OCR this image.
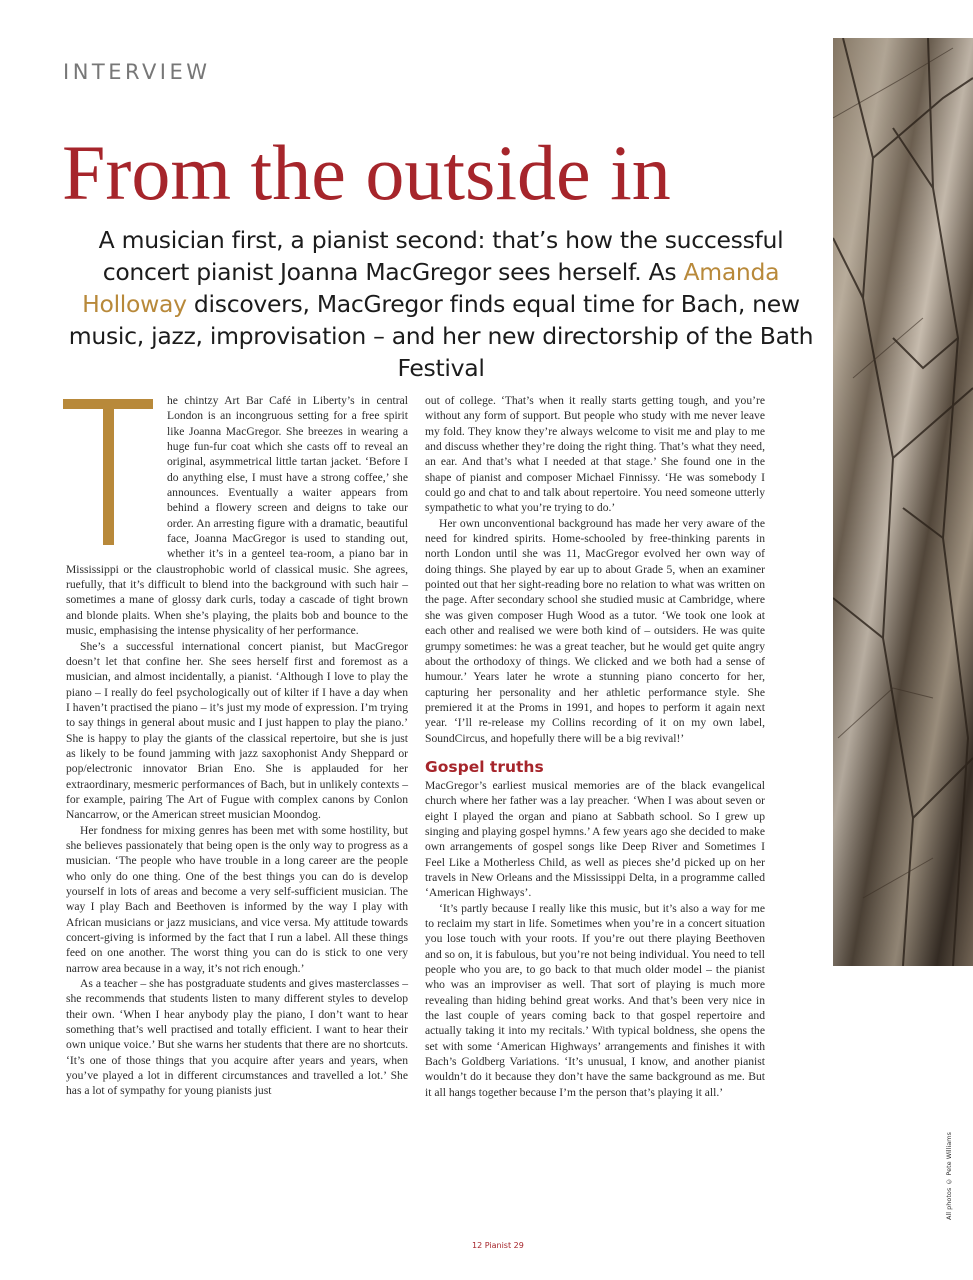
All photos © Pete Williams
INTERVIEW
From the outside in

A musician first, a pianist second: that’s how the successful concert pianist Joanna MacGregor sees herself. As Amanda Holloway discovers, MacGregor finds equal time for Bach, new music, jazz, improvisation – and her new directorship of the Bath Festival

he chintzy Art Bar Café in Liberty’s in central London is an incongruous setting for a free spirit like Joanna MacGregor. She breezes in wearing a huge fun-fur coat which she casts off to reveal an original, asymmetrical little tartan jacket. ‘Before I do anything else, I must have a strong coffee,’ she announces. Eventually a waiter appears from behind a flowery screen and deigns to take our order. An arresting figure with a dramatic, beautiful face, Joanna MacGregor is used to standing out, whether it’s in a genteel tea-room, a piano bar in Mississippi or the claustrophobic world of classical music. She agrees, ruefully, that it’s difficult to blend into the background with such hair – sometimes a mane of glossy dark curls, today a cascade of tight brown and blonde plaits. When she’s playing, the plaits bob and bounce to the music, emphasising the intense physicality of her performance.

She’s a successful international concert pianist, but MacGregor doesn’t let that confine her. She sees herself first and foremost as a musician, and almost incidentally, a pianist. ‘Although I love to play the piano – I really do feel psychologically out of kilter if I have a day when I haven’t practised the piano – it’s just my mode of expression. I’m trying to say things in general about music and I just happen to play the piano.’ She is happy to play the giants of the classical repertoire, but she is just as likely to be found jamming with jazz saxophonist Andy Sheppard or pop/electronic innovator Brian Eno. She is applauded for her extraordinary, mesmeric performances of Bach, but in unlikely contexts – for example, pairing The Art of Fugue with complex canons by Conlon Nancarrow, or the American street musician Moondog.

Her fondness for mixing genres has been met with some hostility, but she believes passionately that being open is the only way to progress as a musician. ‘The people who have trouble in a long career are the people who only do one thing. One of the best things you can do is develop yourself in lots of areas and become a very self-sufficient musician. The way I play Bach and Beethoven is informed by the way I play with African musicians or jazz musicians, and vice versa. My attitude towards concert-giving is informed by the fact that I run a label. All these things feed on one another. The worst thing you can do is stick to one very narrow area because in a way, it’s not rich enough.’

As a teacher – she has postgraduate students and gives masterclasses – she recommends that students listen to many different styles to develop their own. ‘When I hear anybody play the piano, I don’t want to hear something that’s well practised and totally efficient. I want to hear their own unique voice.’ But she warns her students that there are no shortcuts. ‘It’s one of those things that you acquire after years and years, when you’ve played a lot in different circumstances and travelled a lot.’ She has a lot of sympathy for young pianists just

out of college. ‘That’s when it really starts getting tough, and you’re without any form of support. But people who study with me never leave my fold. They know they’re always welcome to visit me and play to me and discuss whether they’re doing the right thing. That’s what they need, an ear. And that’s what I needed at that stage.’ She found one in the shape of pianist and composer Michael Finnissy. ‘He was somebody I could go and chat to and talk about repertoire. You need someone utterly sympathetic to what you’re trying to do.’

Her own unconventional background has made her very aware of the need for kindred spirits. Home-schooled by free-thinking parents in north London until she was 11, MacGregor evolved her own way of doing things. She played by ear up to about Grade 5, when an examiner pointed out that her sight-reading bore no relation to what was written on the page. After secondary school she studied music at Cambridge, where she was given composer Hugh Wood as a tutor. ‘We took one look at each other and realised we were both kind of – outsiders. He was quite grumpy sometimes: he was a great teacher, but he would get quite angry about the orthodoxy of things. We clicked and we both had a sense of humour.’ Years later he wrote a stunning piano concerto for her, capturing her personality and her athletic performance style. She premiered it at the Proms in 1991, and hopes to perform it again next year. ‘I’ll re-release my Collins recording of it on my own label, SoundCircus, and hopefully there will be a big revival!’

Gospel truths

MacGregor’s earliest musical memories are of the black evangelical church where her father was a lay preacher. ‘When I was about seven or eight I played the organ and piano at Sabbath school. So I grew up singing and playing gospel hymns.’ A few years ago she decided to make own arrangements of gospel songs like Deep River and Sometimes I Feel Like a Motherless Child, as well as pieces she’d picked up on her travels in New Orleans and the Mississippi Delta, in a programme called ‘American Highways’.

‘It’s partly because I really like this music, but it’s also a way for me to reclaim my start in life. Sometimes when you’re in a concert situation you lose touch with your roots. If you’re out there playing Beethoven and so on, it is fabulous, but you’re not being individual. You need to tell people who you are, to go back to that much older model – the pianist who was an improviser as well. That sort of playing is much more revealing than hiding behind great works. And that’s been very nice in the last couple of years coming back to that gospel repertoire and actually taking it into my recitals.’ With typical boldness, she opens the set with some ‘American Highways’ arrangements and finishes it with Bach’s Goldberg Variations. ‘It’s unusual, I know, and another pianist wouldn’t do it because they don’t have the same background as me. But it all hangs together because I’m the person that’s playing it all.’

12 Pianist 29
